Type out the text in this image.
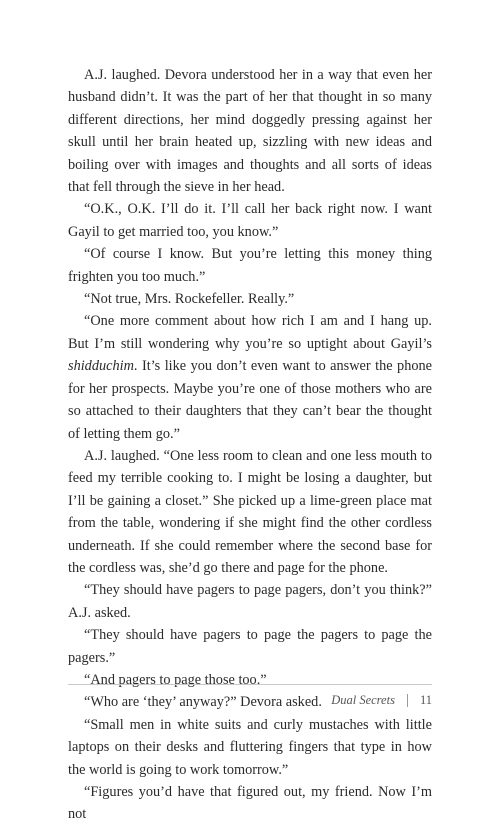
A.J. laughed. Devora understood her in a way that even her husband didn’t. It was the part of her that thought in so many different directions, her mind doggedly pressing against her skull until her brain heated up, sizzling with new ideas and boiling over with images and thoughts and all sorts of ideas that fell through the sieve in her head.

“O.K., O.K. I’ll do it. I’ll call her back right now. I want Gayil to get married too, you know.”

“Of course I know. But you’re letting this money thing frighten you too much.”

“Not true, Mrs. Rockefeller. Really.”

“One more comment about how rich I am and I hang up. But I’m still wondering why you’re so uptight about Gayil’s shidduchim. It’s like you don’t even want to answer the phone for her prospects. Maybe you’re one of those mothers who are so attached to their daughters that they can’t bear the thought of letting them go.”

A.J. laughed. “One less room to clean and one less mouth to feed my terrible cooking to. I might be losing a daughter, but I’ll be gaining a closet.” She picked up a lime-green place mat from the table, wondering if she might find the other cordless underneath. If she could remember where the second base for the cordless was, she’d go there and page for the phone.

“They should have pagers to page pagers, don’t you think?” A.J. asked.

“They should have pagers to page the pagers to page the pagers.”

“And pagers to page those too.”

“Who are ‘they’ anyway?” Devora asked.

“Small men in white suits and curly mustaches with little laptops on their desks and fluttering fingers that type in how the world is going to work tomorrow.”

“Figures you’d have that figured out, my friend. Now I’m not

Dual Secrets 11
